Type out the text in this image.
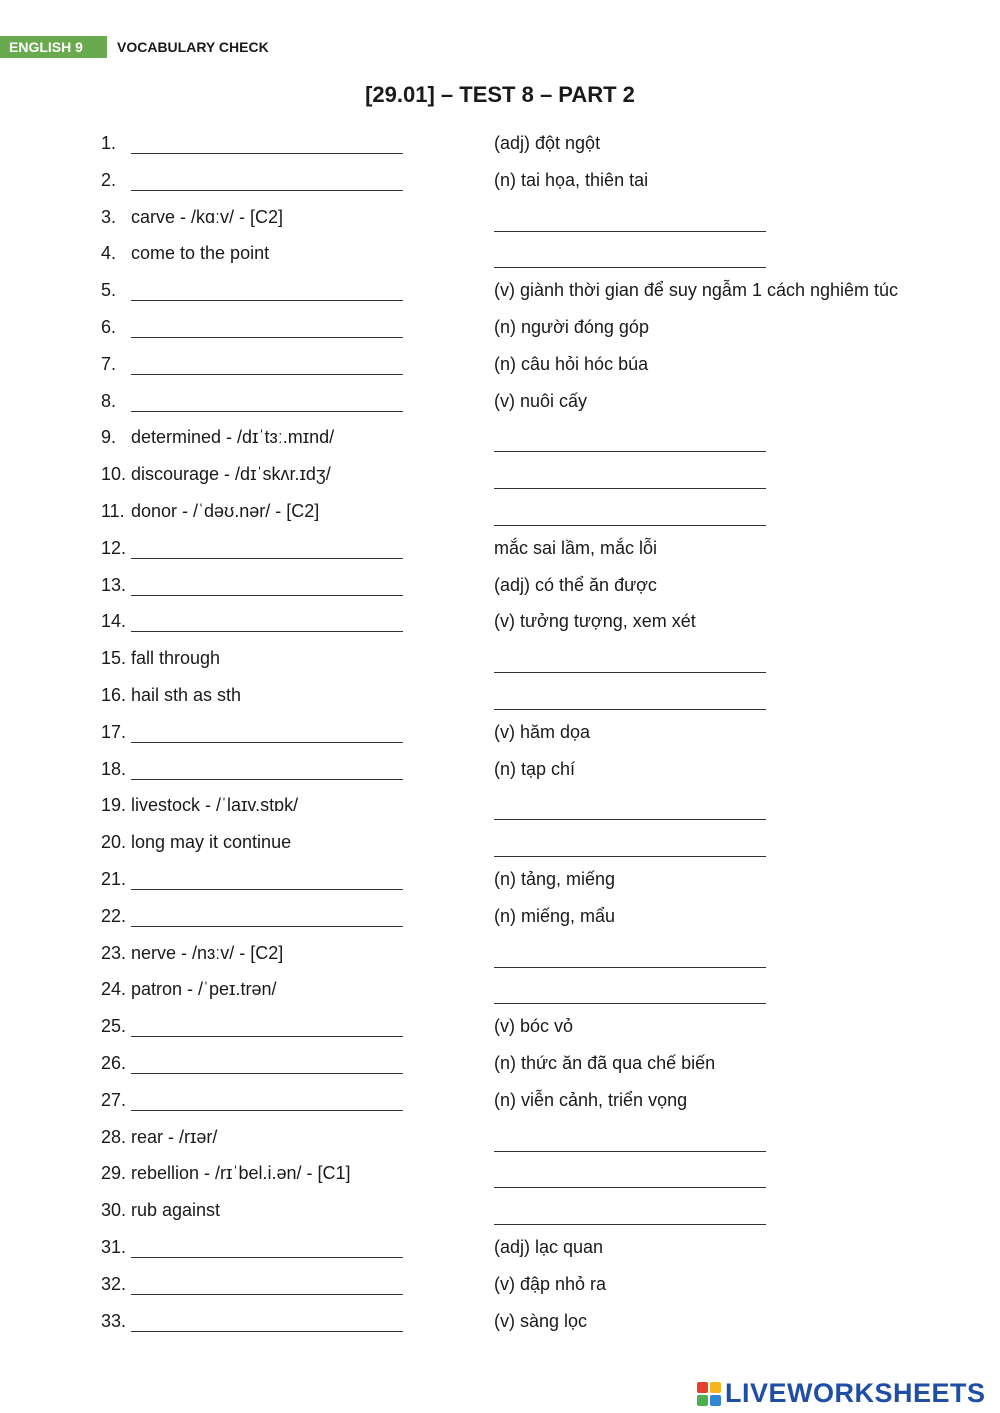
ENGLISH 9	VOCABULARY CHECK
[29.01] – TEST 8 – PART 2
1.	(adj) đột ngột
2.	(n) tai họa, thiên tai
3. carve - /kɑːv/ - [C2]
4. come to the point
5.	(v) giành thời gian để suy ngẫm 1 cách nghiêm túc
6.	(n) người đóng góp
7.	(n) câu hỏi hóc búa
8.	(v) nuôi cấy
9. determined - /dɪˈtɜː.mɪnd/
10. discourage - /dɪˈskʌr.ɪdʒ/
11. donor - /ˈdəʊ.nər/ - [C2]
12.	mắc sai lầm, mắc lỗi
13.	(adj) có thể ăn được
14.	(v) tưởng tượng, xem xét
15. fall through
16. hail sth as sth
17.	(v) hăm dọa
18.	(n) tạp chí
19. livestock - /ˈlaɪv.stɒk/
20. long may it continue
21.	(n) tảng, miếng
22.	(n) miếng, mẩu
23. nerve - /nɜːv/ - [C2]
24. patron - /ˈpeɪ.trən/
25.	(v) bóc vỏ
26.	(n) thức ăn đã qua chế biến
27.	(n) viễn cảnh, triển vọng
28. rear - /rɪər/
29. rebellion - /rɪˈbel.i.ən/ - [C1]
30. rub against
31.	(adj) lạc quan
32.	(v) đập nhỏ ra
33.	(v) sàng lọc
LIVEWORKSHEETS
